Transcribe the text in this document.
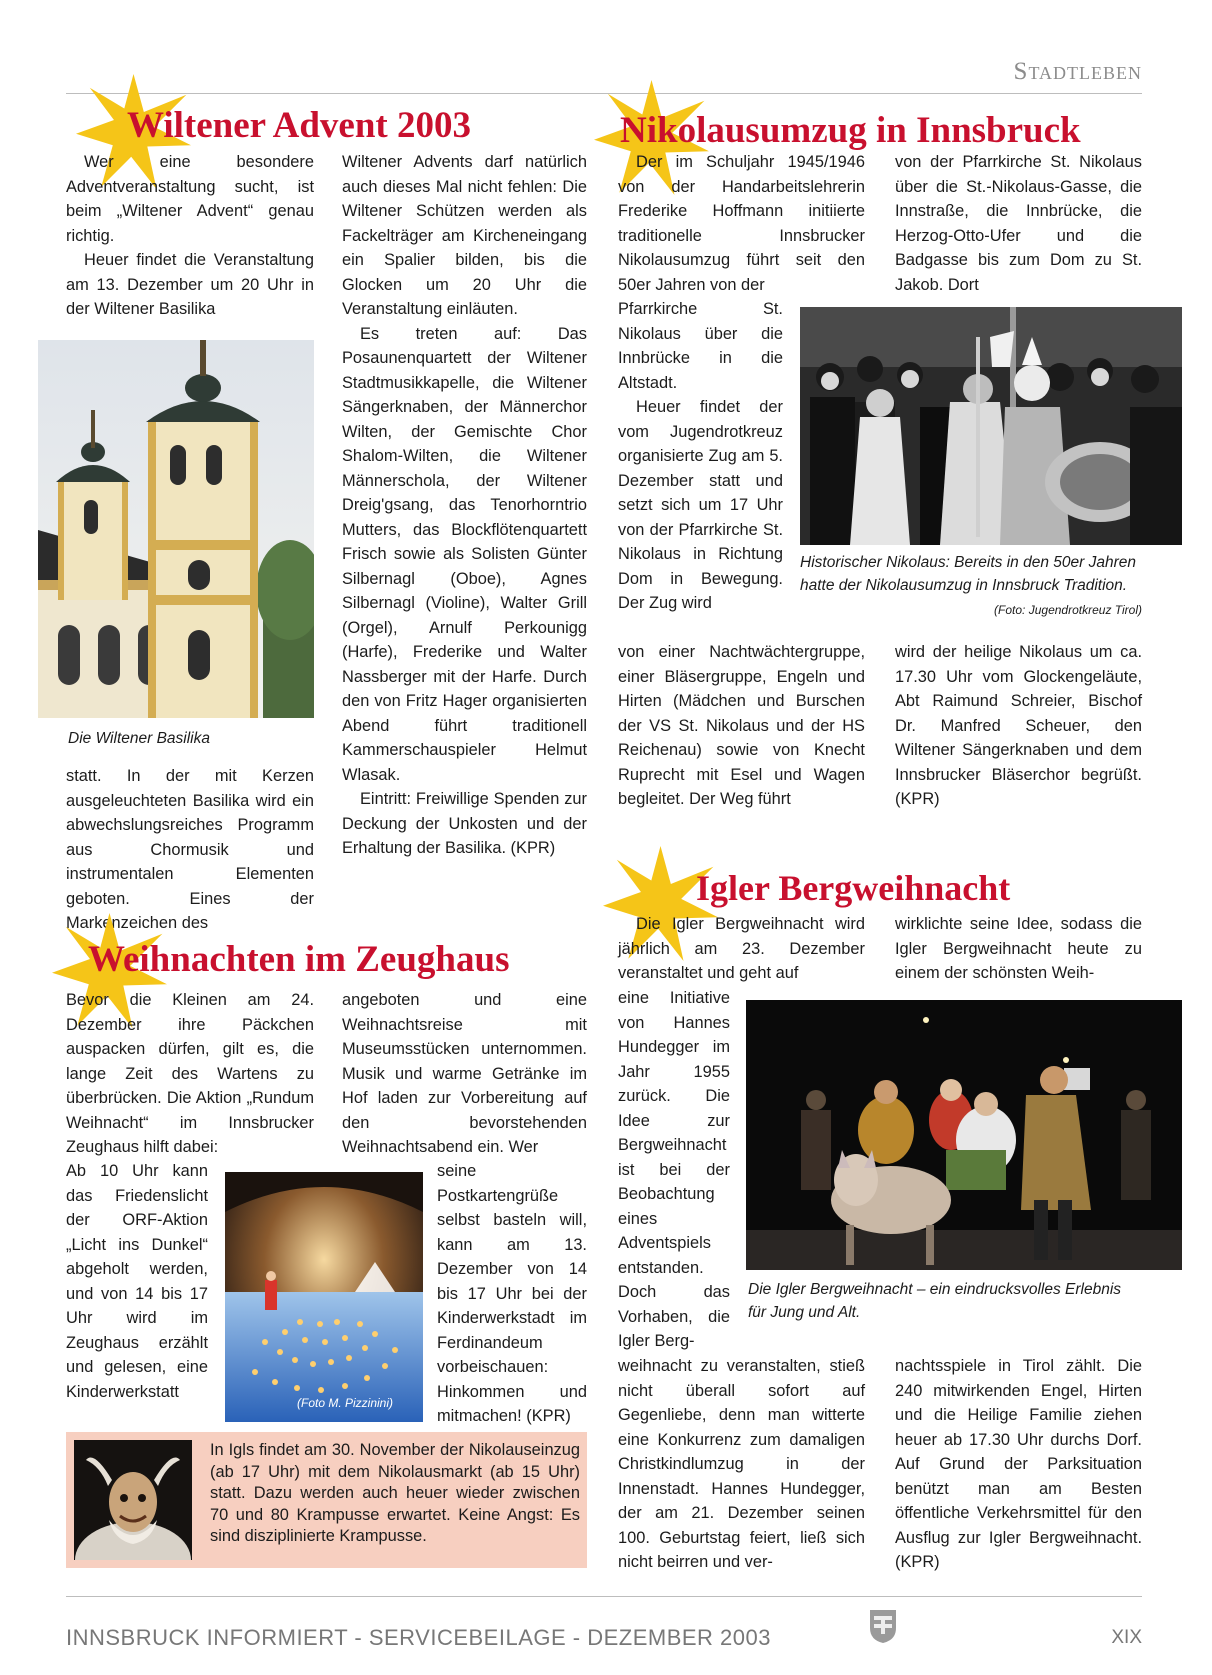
Stadtleben
Wiltener Advent 2003

Wer eine besondere Adventveranstaltung sucht, ist beim „Wiltener Advent“ genau richtig.

Heuer findet die Veranstaltung am 13. Dezember um 20 Uhr in der Wiltener Basilika

Die Wiltener Basilika

statt. In der mit Kerzen ausgeleuchteten Basilika wird ein abwechslungsreiches Programm aus Chormusik und instrumentalen Elementen geboten. Eines der Markenzeichen des

Wiltener Advents darf natürlich auch dieses Mal nicht fehlen: Die Wiltener Schützen werden als Fackelträger am Kircheneingang ein Spalier bilden, bis die Glocken um 20 Uhr die Veranstaltung einläuten.

Es treten auf: Das Posaunenquartett der Wiltener Stadtmusikkapelle, die Wiltener Sängerknaben, der Männerchor Wilten, der Gemischte Chor Shalom-Wilten, die Wiltener Männerschola, der Wiltener Dreig'gsang, das Tenorhorntrio Mutters, das Blockflötenquartett Frisch sowie als Solisten Günter Silbernagl (Oboe), Agnes Silbernagl (Violine), Walter Grill (Orgel), Arnulf Perkounigg (Harfe), Frederike und Walter Nassberger mit der Harfe. Durch den von Fritz Hager organisierten Abend führt traditionell Kammerschauspieler Helmut Wlasak.

Eintritt: Freiwillige Spenden zur Deckung der Unkosten und der Erhaltung der Basilika. (KPR)

Weihnachten im Zeughaus

Bevor die Kleinen am 24. Dezember ihre Päckchen auspacken dürfen, gilt es, die lange Zeit des Wartens zu überbrücken. Die Aktion „Rundum Weihnacht“ im Innsbrucker Zeughaus hilft dabei:

Ab 10 Uhr kann das Friedenslicht der ORF-Aktion „Licht ins Dunkel“ abgeholt werden, und von 14 bis 17 Uhr wird im Zeughaus erzählt und gelesen, eine Kinderwerkstatt

angeboten und eine Weihnachtsreise mit Museumsstücken unternommen. Musik und warme Getränke im Hof laden zur Vorbereitung auf den bevorstehenden Weihnachtsabend ein. Wer

seine Postkartengrüße selbst basteln will, kann am 13. Dezember von 14 bis 17 Uhr bei der Kinderwerkstadt im Ferdinandeum vorbeischauen: Hinkommen und mitmachen! (KPR)

(Foto M. Pizzinini)
In Igls findet am 30. November der Nikolauseinzug (ab 17 Uhr) mit dem Nikolausmarkt (ab 15 Uhr) statt. Dazu werden auch heuer wieder zwischen 70 und 80 Krampusse erwartet. Keine Angst: Es sind disziplinierte Krampusse.
Nikolausumzug in Innsbruck

Der im Schuljahr 1945/1946 von der Handarbeitslehrerin Frederike Hoffmann initiierte traditionelle Innsbrucker Nikolausumzug führt seit den 50er Jahren von der

Pfarrkirche St. Nikolaus über die Innbrücke in die Altstadt.

Heuer findet der vom Jugendrotkreuz organisierte Zug am 5. Dezember statt und setzt sich um 17 Uhr von der Pfarrkirche St. Nikolaus in Richtung Dom in Bewegung. Der Zug wird

von einer Nachtwächtergruppe, einer Bläsergruppe, Engeln und Hirten (Mädchen und Burschen der VS St. Nikolaus und der HS Reichenau) sowie von Knecht Ruprecht mit Esel und Wagen begleitet. Der Weg führt

von der Pfarrkirche St. Nikolaus über die St.-Nikolaus-Gasse, die Innstraße, die Innbrücke, die Herzog-Otto-Ufer und die Badgasse bis zum Dom zu St. Jakob. Dort

Historischer Nikolaus: Bereits in den 50er Jahren hatte der Nikolausumzug in Innsbruck Tradition.
(Foto: Jugendrotkreuz Tirol)

wird der heilige Nikolaus um ca. 17.30 Uhr vom Glockengeläute, Abt Raimund Schreier, Bischof Dr. Manfred Scheuer, den Wiltener Sängerknaben und dem Innsbrucker Bläserchor begrüßt. (KPR)

Igler Bergweihnacht

Die Igler Bergweihnacht wird jährlich am 23. Dezember veranstaltet und geht auf

eine Initiative von Hannes Hundegger im Jahr 1955 zurück. Die Idee zur Bergweihnacht ist bei der Beobachtung eines Adventspiels entstanden. Doch das Vorhaben, die Igler Berg-

weihnacht zu veranstalten, stieß nicht überall sofort auf Gegenliebe, denn man witterte eine Konkurrenz zum damaligen Christkindlumzug in der Innenstadt. Hannes Hundegger, der am 21. Dezember seinen 100. Geburtstag feiert, ließ sich nicht beirren und ver-

wirklichte seine Idee, sodass die Igler Bergweihnacht heute zu einem der schönsten Weih-

Die Igler Bergweihnacht – ein eindrucksvolles Erlebnis für Jung und Alt.

nachtsspiele in Tirol zählt. Die 240 mitwirkenden Engel, Hirten und die Heilige Familie ziehen heuer ab 17.30 Uhr durchs Dorf. Auf Grund der Parksituation benützt man am Besten öffentliche Verkehrsmittel für den Ausflug zur Igler Bergweihnacht. (KPR)

INNSBRUCK INFORMIERT - SERVICEBEILAGE - DEZEMBER 2003	XIX
